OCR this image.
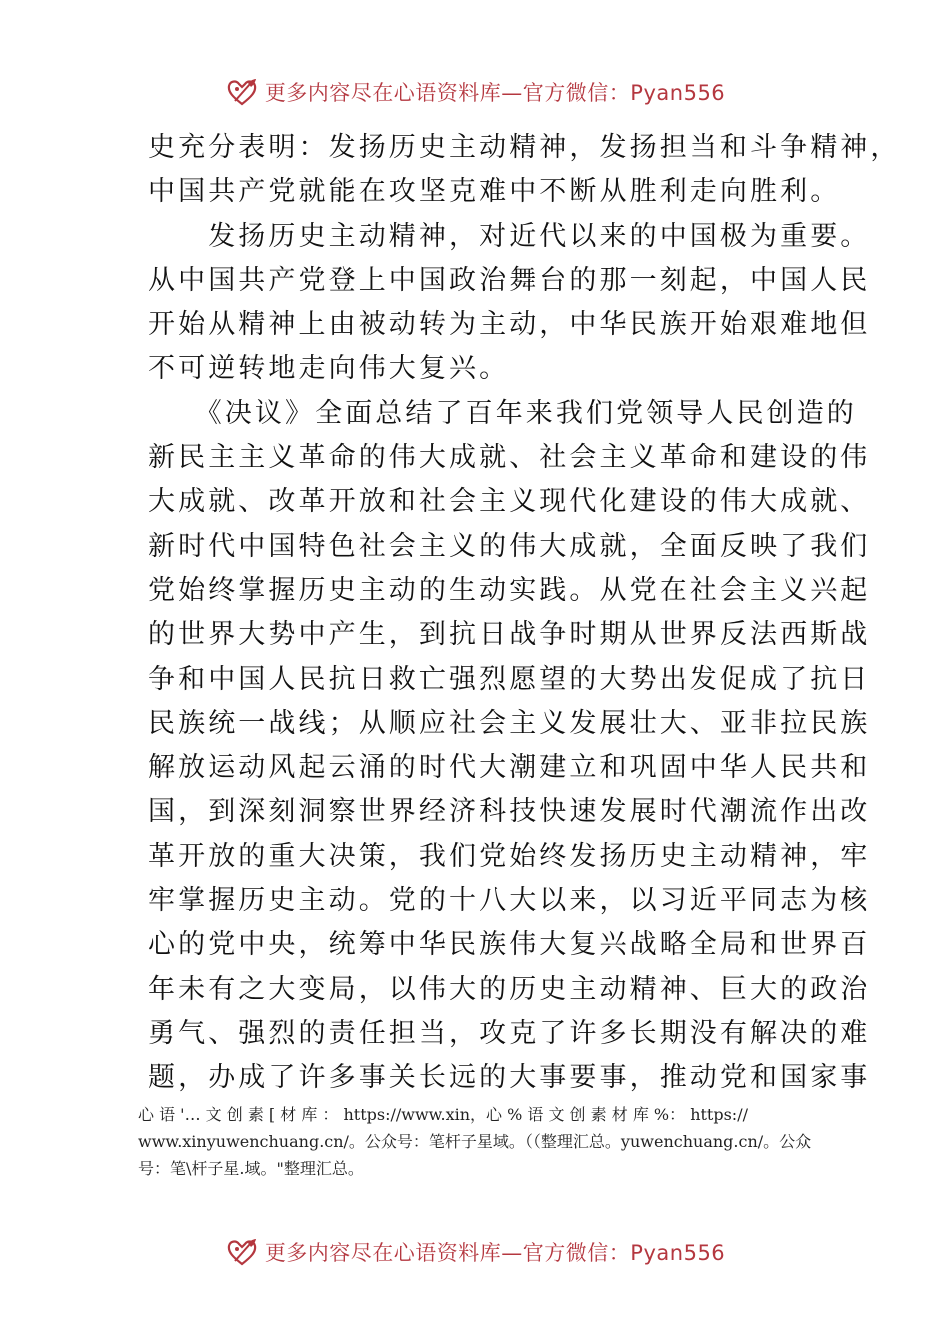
更多内容尽在心语资料库—官方微信：Pyan556
史充分表明：发扬历史主动精神，发扬担当和斗争精神，
中国共产党就能在攻坚克难中不断从胜利走向胜利。
　　发扬历史主动精神，对近代以来的中国极为重要。
从中国共产党登上中国政治舞台的那一刻起，中国人民
开始从精神上由被动转为主动，中华民族开始艰难地但
不可逆转地走向伟大复兴。
　　《决议》全面总结了百年来我们党领导人民创造的
新民主主义革命的伟大成就、社会主义革命和建设的伟
大成就、改革开放和社会主义现代化建设的伟大成就、
新时代中国特色社会主义的伟大成就，全面反映了我们
党始终掌握历史主动的生动实践。从党在社会主义兴起
的世界大势中产生，到抗日战争时期从世界反法西斯战
争和中国人民抗日救亡强烈愿望的大势出发促成了抗日
民族统一战线；从顺应社会主义发展壮大、亚非拉民族
解放运动风起云涌的时代大潮建立和巩固中华人民共和
国，到深刻洞察世界经济科技快速发展时代潮流作出改
革开放的重大决策，我们党始终发扬历史主动精神，牢
牢掌握历史主动。党的十八大以来，以习近平同志为核
心的党中央，统筹中华民族伟大复兴战略全局和世界百
年未有之大变局，以伟大的历史主动精神、巨大的政治
勇气、强烈的责任担当，攻克了许多长期没有解决的难
题，办成了许多事关长远的大事要事，推动党和国家事
心 语 '… 文 创 素 [ 材 库 ： https://www.xin，心 % 语 文 创 素 材 库 %： https://
www.xinyuwenchuang.cn/。公众号：笔杆子星域。（（整理汇总。yuwenchuang.cn/。公众
号：笔\杆子星.域。"整理汇总。
更多内容尽在心语资料库—官方微信：Pyan556
